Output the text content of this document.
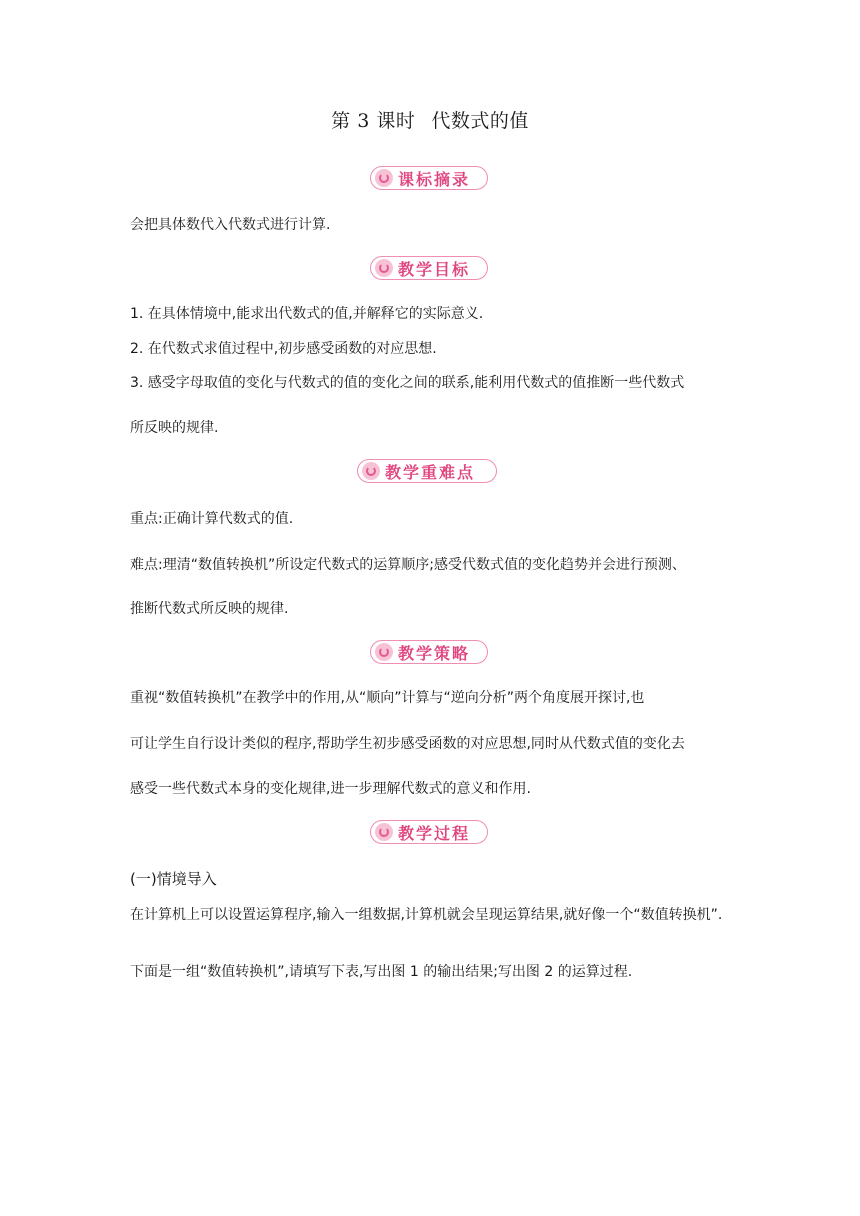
第 3 课时 代数式的值
课标摘录
会把具体数代入代数式进行计算.
教学目标
1. 在具体情境中,能求出代数式的值,并解释它的实际意义.
2. 在代数式求值过程中,初步感受函数的对应思想.
3. 感受字母取值的变化与代数式的值的变化之间的联系,能利用代数式的值推断一些代数式
所反映的规律.
教学重难点
重点:正确计算代数式的值.
难点:理清“数值转换机”所设定代数式的运算顺序;感受代数式值的变化趋势并会进行预测、
推断代数式所反映的规律.
教学策略
重视“数值转换机”在教学中的作用,从“顺向”计算与“逆向分析”两个角度展开探讨,也
可让学生自行设计类似的程序,帮助学生初步感受函数的对应思想,同时从代数式值的变化去
感受一些代数式本身的变化规律,进一步理解代数式的意义和作用.
教学过程
(一)情境导入
在计算机上可以设置运算程序,输入一组数据,计算机就会呈现运算结果,就好像一个“数值转换机”.
下面是一组“数值转换机”,请填写下表,写出图 1 的输出结果;写出图 2 的运算过程.
